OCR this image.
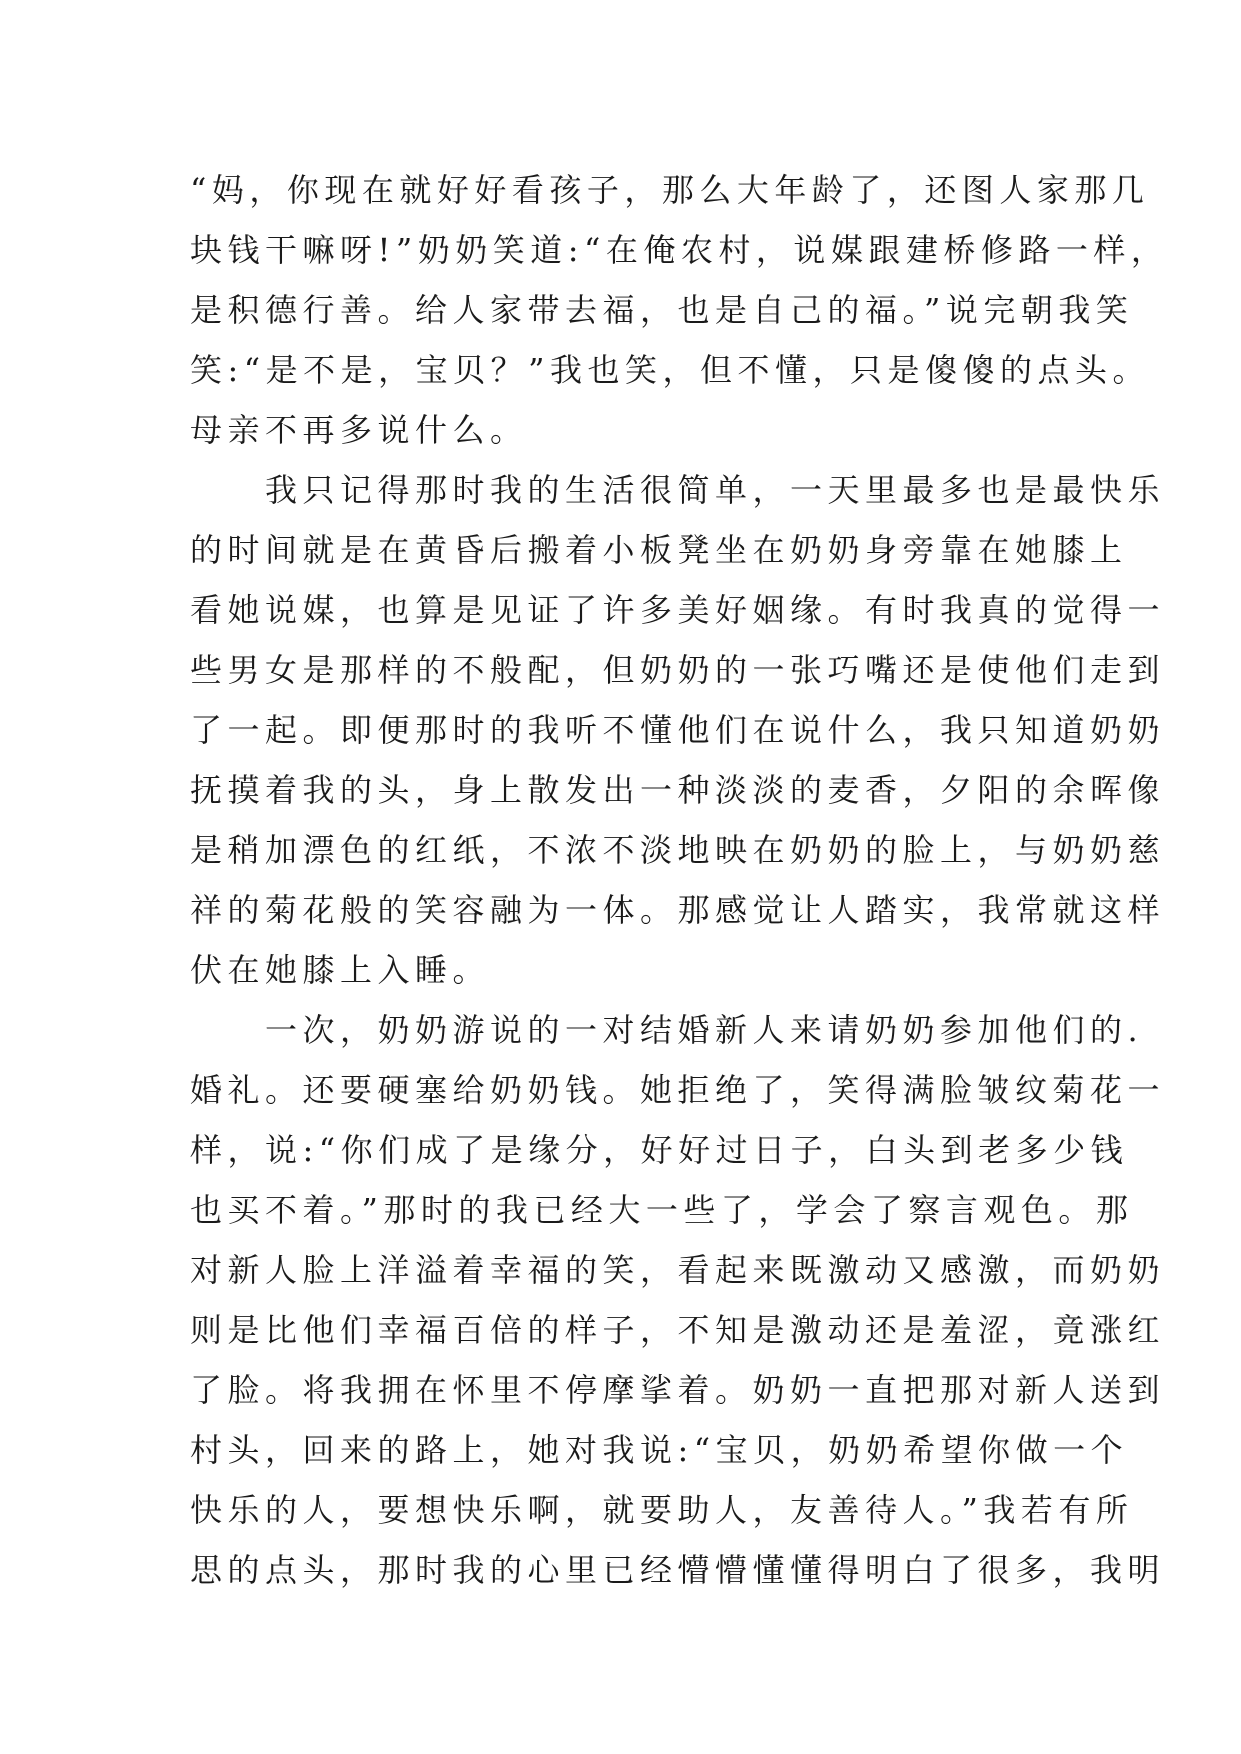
“妈，你现在就好好看孩子，那么大年龄了，还图人家那几
块钱干嘛呀!”奶奶笑道:“在俺农村，说媒跟建桥修路一样，
是积德行善。给人家带去福，也是自己的福。”说完朝我笑
笑:“是不是，宝贝？”我也笑，但不懂，只是傻傻的点头。
母亲不再多说什么。
　　我只记得那时我的生活很简单，一天里最多也是最快乐
的时间就是在黄昏后搬着小板凳坐在奶奶身旁靠在她膝上
看她说媒，也算是见证了许多美好姻缘。有时我真的觉得一
些男女是那样的不般配，但奶奶的一张巧嘴还是使他们走到
了一起。即便那时的我听不懂他们在说什么，我只知道奶奶
抚摸着我的头，身上散发出一种淡淡的麦香，夕阳的余晖像
是稍加漂色的红纸，不浓不淡地映在奶奶的脸上，与奶奶慈
祥的菊花般的笑容融为一体。那感觉让人踏实，我常就这样
伏在她膝上入睡。
　　一次，奶奶游说的一对结婚新人来请奶奶参加他们的.
婚礼。还要硬塞给奶奶钱。她拒绝了，笑得满脸皱纹菊花一
样，说:“你们成了是缘分，好好过日子，白头到老多少钱
也买不着。”那时的我已经大一些了，学会了察言观色。那
对新人脸上洋溢着幸福的笑，看起来既激动又感激，而奶奶
则是比他们幸福百倍的样子，不知是激动还是羞涩，竟涨红
了脸。将我拥在怀里不停摩挲着。奶奶一直把那对新人送到
村头，回来的路上，她对我说:“宝贝，奶奶希望你做一个
快乐的人，要想快乐啊，就要助人，友善待人。”我若有所
思的点头，那时我的心里已经懵懵懂懂得明白了很多，我明
